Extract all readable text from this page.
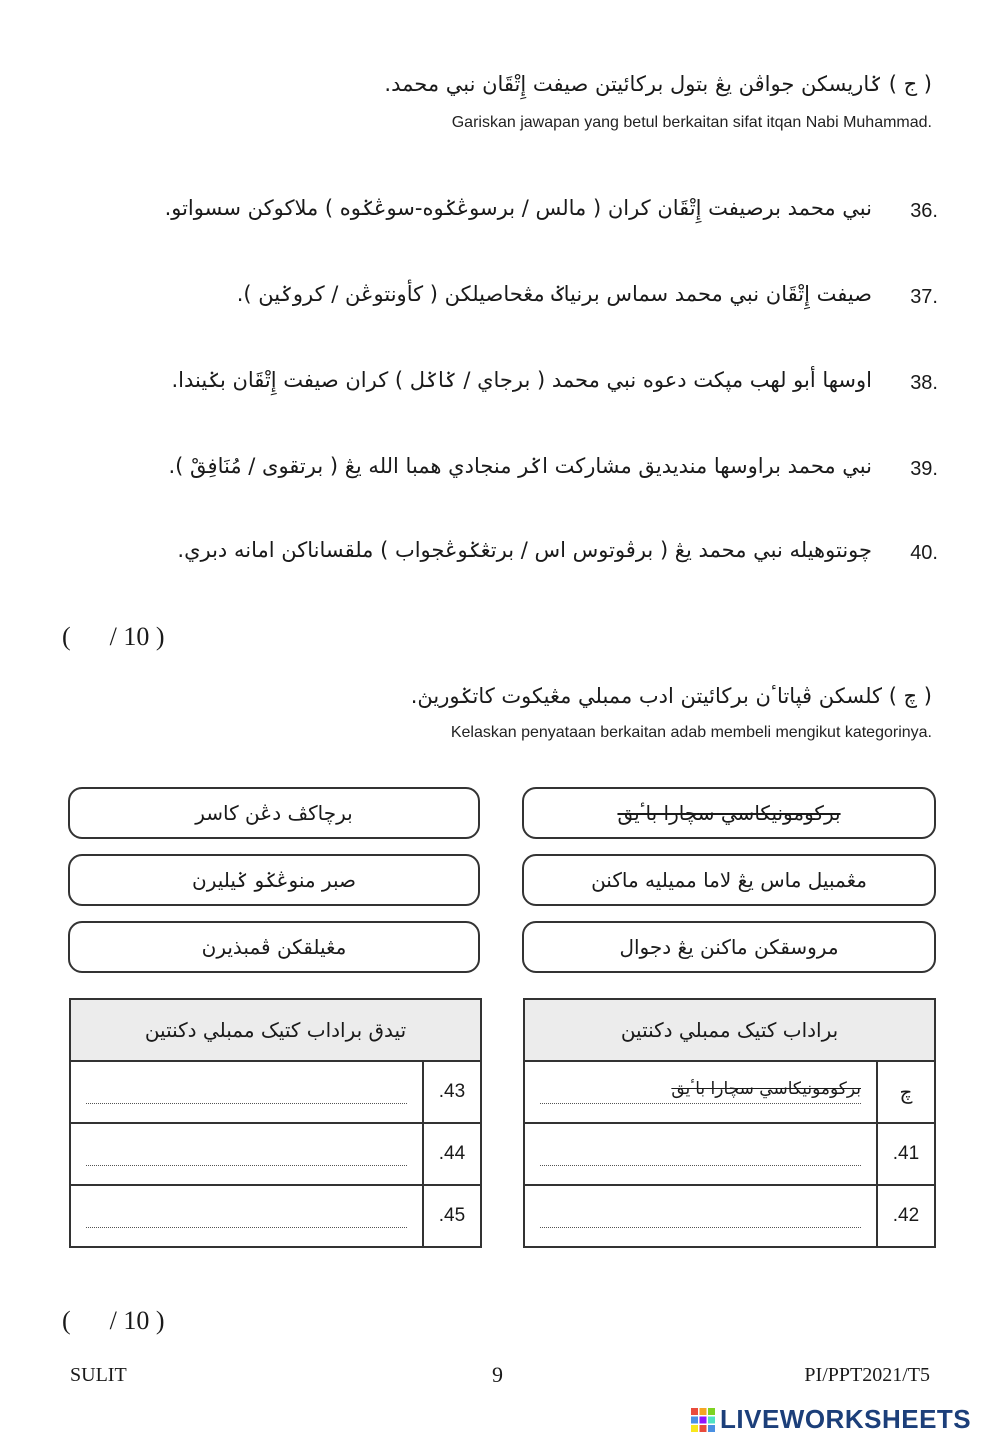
( ج ) ݢاريسكن جواڤن يڠ بتول برکائيتن صيفت إِتْقَان نبي محمد.
Gariskan jawapan yang betul berkaitan sifat itqan Nabi Muhammad.
36.
نبي محمد برصيفت إِتْقَان كران ( مالس / برسوڠݢوه-سوڠݢوه ) ملاکوکن سسواتو.
37.
صيفت إِتْقَان نبي محمد سماس برنياݢ مڠحاصيلکن ( كأونتوڠن / کروݢين ).
38.
اوسها أبو لهب مڽکت دعوه نبي محمد ( برجاي / ݢاݢل ) کران صيفت إِتْقَان بݢيندا.
39.
نبي محمد براوسها منديديق مشارکت اݢر منجادي همبا الله يڠ ( برتقوى / مُنَافِقْ ).
40.
چونتوهيله نبي محمد يڠ ( برڤوتوس اس / برتڠݢوڠجواب ) ملقساناکن امانه دبري.
(      / 10 )
( چ ) کلسکن ڤپاتاٴن برکائيتن ادب ممبلي مڠيکوت کاتݢوريڽ.
Kelaskan penyataan berkaitan adab membeli mengikut kategorinya.
برچاکڤ دڠن کاسر
صبر منوڠݢو ݢيليرن
مڠيلقکن ڤمبذيرن
برکومونيکاسي سچارا باٴيق
مڠمبيل ماس يڠ لاما مميليه ماکنن
مروسقکن ماکنن يڠ دجوال
تيدق براداب کتيک ممبلي دکنتين	

	.43

	.44

	.45
براداب کتيک ممبلي دکنتين	

برکومونيکاسي سچارا باٴيق	چ

	.41

	.42
(      / 10 )
SULIT	9	PI/PPT2021/T5
LIVEWORKSHEETS
